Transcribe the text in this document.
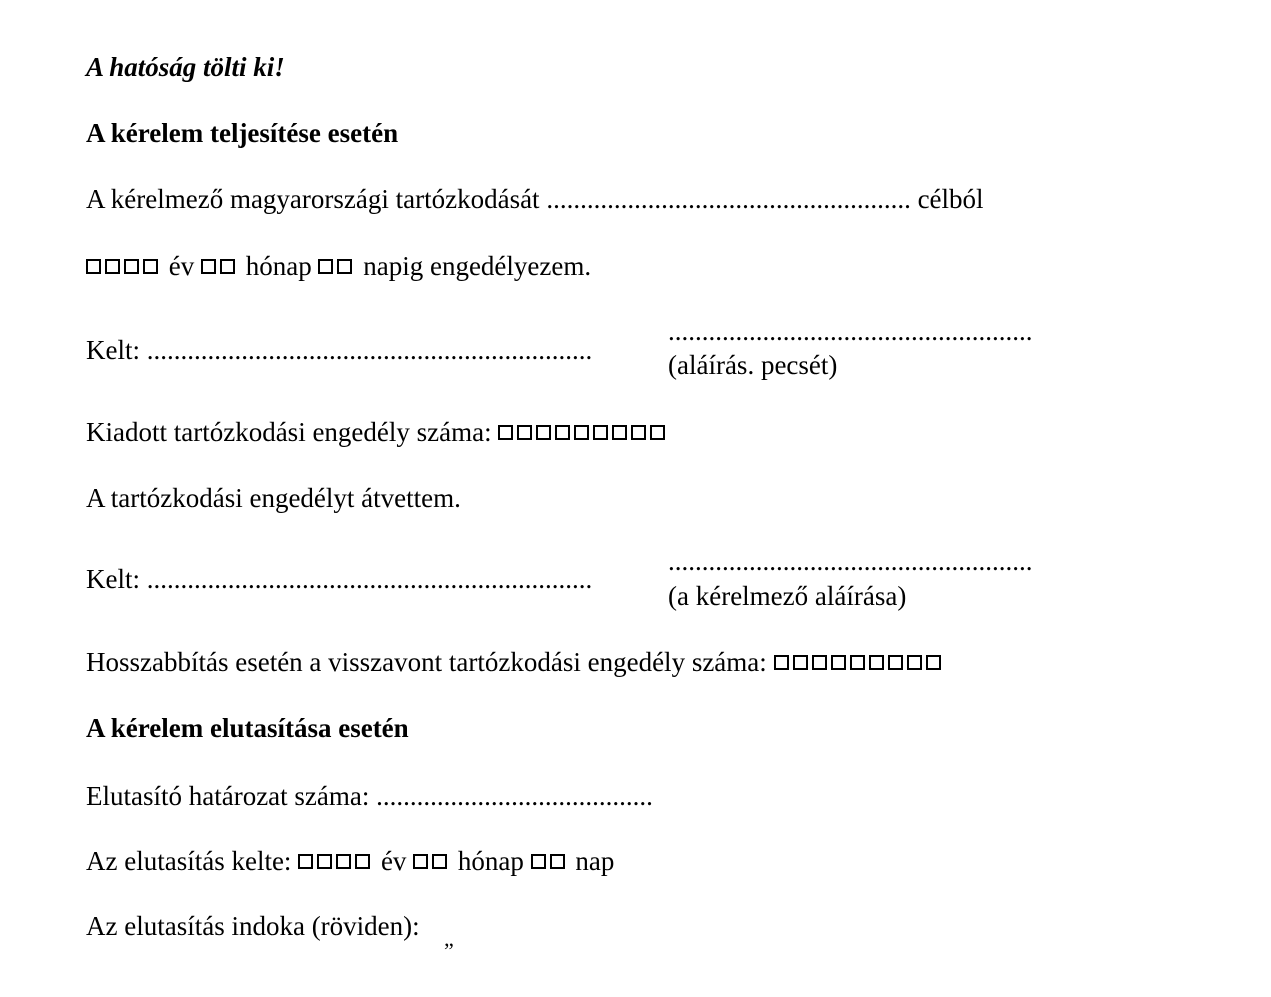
A hatóság tölti ki!
A kérelem teljesítése esetén
A kérelmező magyarországi tartózkodását ...................................................... célból
év hónap napig engedélyezem.
Kelt: ..................................................................
......................................................
(aláírás. pecsét)
Kiadott tartózkodási engedély száma:
A tartózkodási engedélyt átvettem.
Kelt: ..................................................................
......................................................
(a kérelmező aláírása)
Hosszabbítás esetén a visszavont tartózkodási engedély száma:
A kérelem elutasítása esetén
Elutasító határozat száma: .........................................
Az elutasítás kelte:	év hónap nap
Az elutasítás indoka (röviden):
”
